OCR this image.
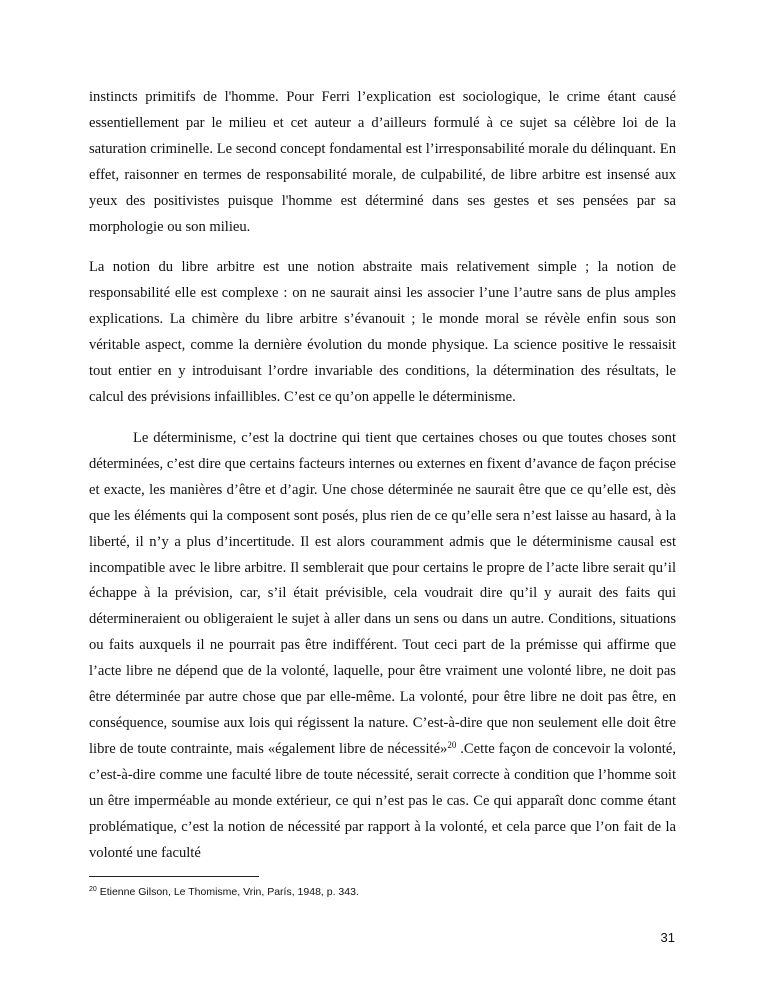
instincts primitifs de l'homme. Pour Ferri l’explication est sociologique, le crime étant causé essentiellement par le milieu et cet auteur a d’ailleurs formulé à ce sujet sa célèbre loi de la saturation criminelle. Le second concept fondamental est l’irresponsabilité morale du délinquant. En effet, raisonner en termes de responsabilité morale, de culpabilité, de libre arbitre est insensé aux yeux des positivistes puisque l'homme est déterminé dans ses gestes et ses pensées par sa morphologie ou son milieu.

La notion du libre arbitre est une notion abstraite mais relativement simple ; la notion de responsabilité elle est complexe : on ne saurait ainsi les associer l’une l’autre sans de plus amples explications. La chimère du libre arbitre s’évanouit ; le monde moral se révèle enfin sous son véritable aspect, comme la dernière évolution du monde physique. La science positive le ressaisit tout entier en y introduisant l’ordre invariable des conditions, la détermination des résultats, le calcul des prévisions infaillibles. C’est ce qu’on appelle le déterminisme.

Le déterminisme, c’est la doctrine qui tient que certaines choses ou que toutes choses sont déterminées, c’est dire que certains facteurs internes ou externes en fixent d’avance de façon précise et exacte, les manières d’être et d’agir. Une chose déterminée ne saurait être que ce qu’elle est, dès que les éléments qui la composent sont posés, plus rien de ce qu’elle sera n’est laisse au hasard, à la liberté, il n’y a plus d’incertitude. Il est alors couramment admis que le déterminisme causal est incompatible avec le libre arbitre. Il semblerait que pour certains le propre de l’acte libre serait qu’il échappe à la prévision, car, s’il était prévisible, cela voudrait dire qu’il y aurait des faits qui détermineraient ou obligeraient le sujet à aller dans un sens ou dans un autre. Conditions, situations ou faits auxquels il ne pourrait pas être indifférent. Tout ceci part de la prémisse qui affirme que l’acte libre ne dépend que de la volonté, laquelle, pour être vraiment une volonté libre, ne doit pas être déterminée par autre chose que par elle-même. La volonté, pour être libre ne doit pas être, en conséquence, soumise aux lois qui régissent la nature. C’est-à-dire que non seulement elle doit être libre de toute contrainte, mais «également libre de nécessité»$^{20}$ .Cette façon de concevoir la volonté, c’est-à-dire comme une faculté libre de toute nécessité, serait correcte à condition que l’homme soit un être imperméable au monde extérieur, ce qui n’est pas le cas. Ce qui apparaît donc comme étant problématique, c’est la notion de nécessité par rapport à la volonté, et cela parce que l’on fait de la volonté une faculté

$^{20}$ Etienne Gilson, Le Thomisme, Vrin, París, 1948, p. 343.

31
